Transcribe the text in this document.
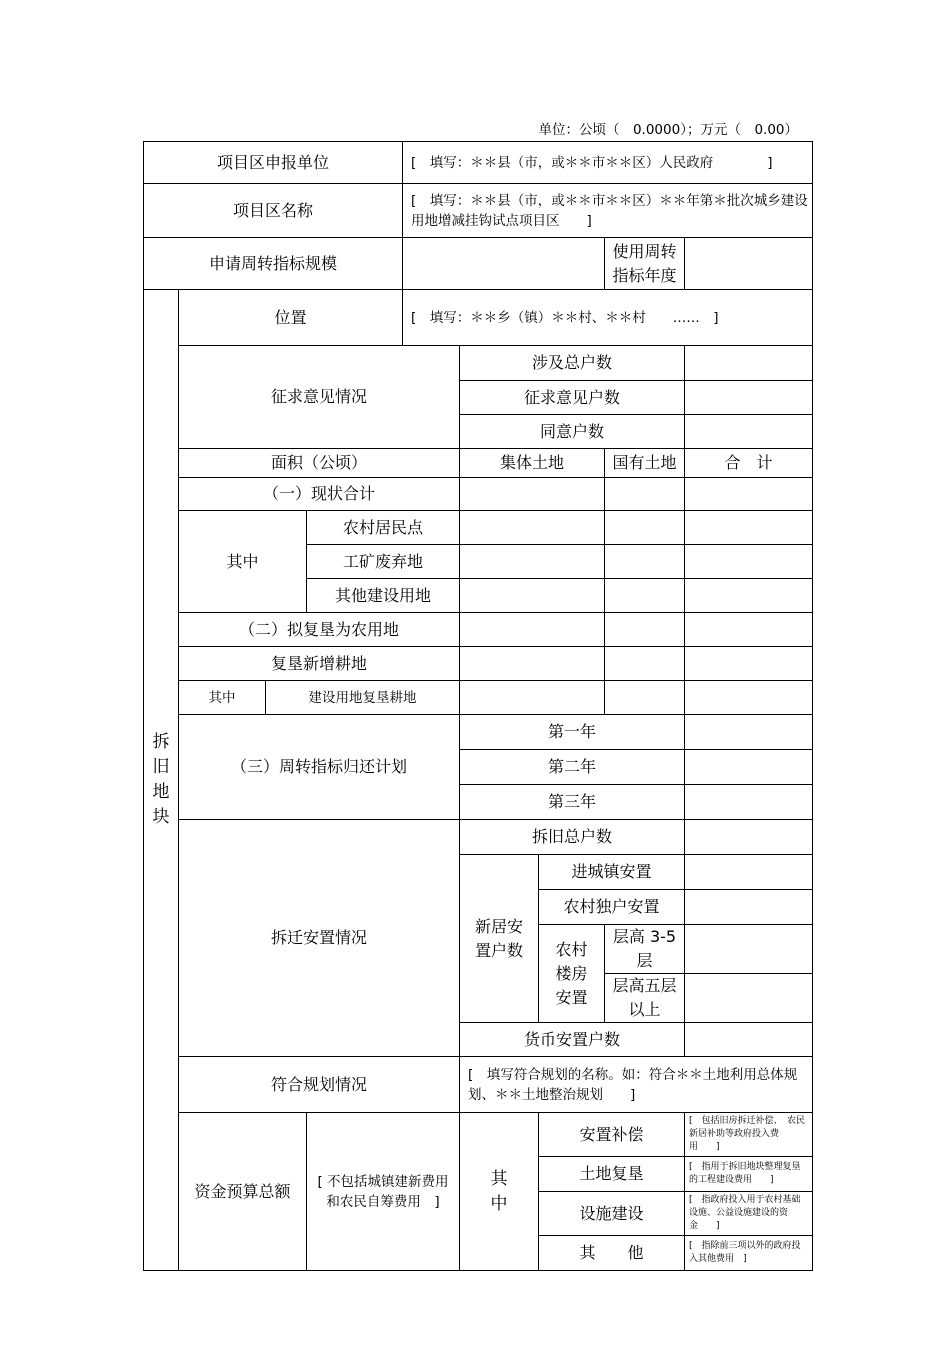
单位：公顷（　0.0000）；万元（　0.00）
项目区申报单位				[　填写：＊＊县（市，或＊＊市＊＊区）人民政府　　　　]				
项目区名称				[　填写：＊＊县（市，或＊＊市＊＊区）＊＊年第＊批次城乡建设用地增减挂钩试点项目区　　]				
申请周转指标规模							使用周转指标年度	

拆旧地块	位置			[　填写：＊＊乡（镇）＊＊村、＊＊村　　……　]				
	征求意见情况				涉及总户数			
					征求意见户数			
					同意户数			
	面积（公顷）				集体土地		国有土地	合　计
	（一）现状合计							
	其中		农村居民点					
			工矿废弃地					
			其他建设用地					
	（二）拟复垦为农用地							
	复垦新增耕地							
	其中	建设用地复垦耕地						
	（三）周转指标归还计划				第一年			
					第二年			
					第三年			
	拆迁安置情况				拆旧总户数			
					新居安置户数	进城镇安置		
						农村独户安置		
						农村楼房安置	层高 3-5 层	
							层高五层以上	
					货币安置户数			
	符合规划情况				[　填写符合规划的名称。如：符合＊＊土地利用总体规划、＊＊土地整治规划　　]			
	资金预算总额		[ 不包括城镇建新费用和农民自筹费用　]		其中	安置补偿		[　包括旧房拆迁补偿、　农民新居补助等政府投入费用　　]
						土地复垦		[　指用于拆旧地块整理复垦的工程建设费用　　]
						设施建设		[　指政府投入用于农村基础设施、公益设施建设的资金　　]
						其　　他		[　指除前三项以外的政府投入其他费用　]
